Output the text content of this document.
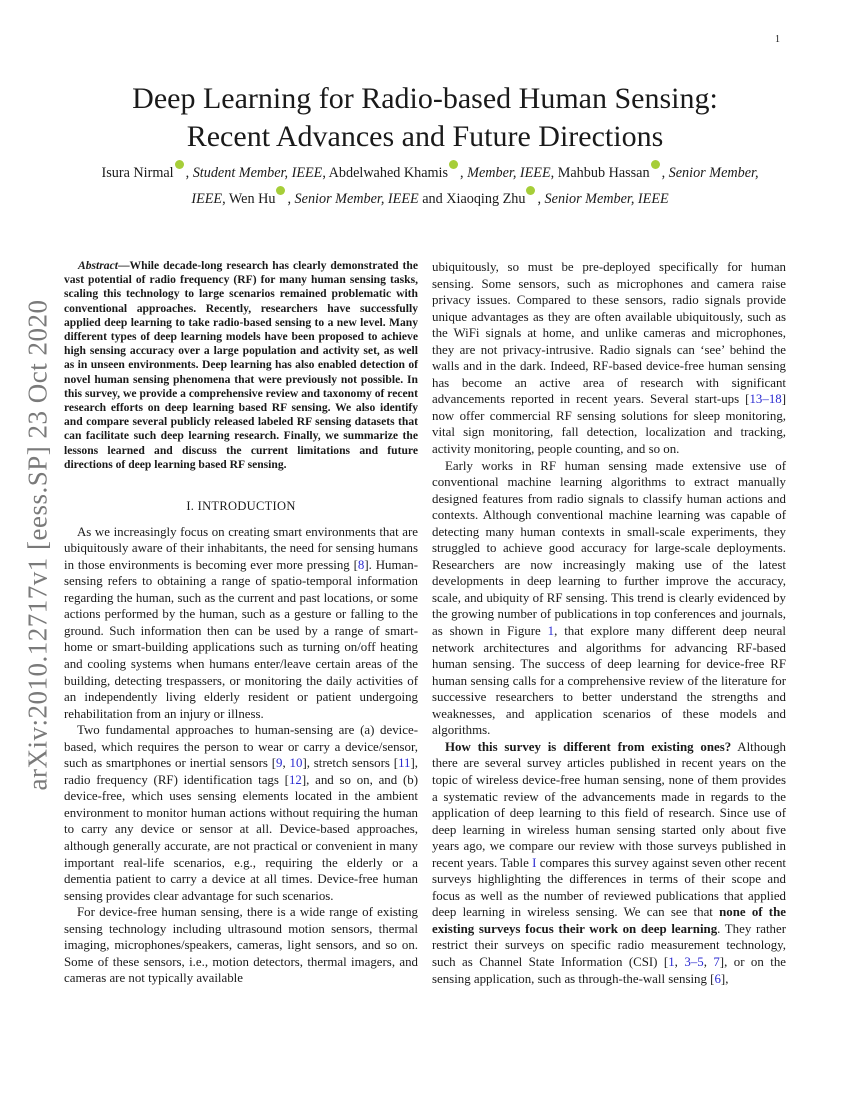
1
arXiv:2010.12717v1 [eess.SP] 23 Oct 2020
Deep Learning for Radio-based Human Sensing:
Recent Advances and Future Directions
Isura Nirmal , Student Member, IEEE, Abdelwahed Khamis , Member, IEEE, Mahbub Hassan , Senior Member, IEEE, Wen Hu , Senior Member, IEEE and Xiaoqing Zhu , Senior Member, IEEE

Abstract—While decade-long research has clearly demonstrated the vast potential of radio frequency (RF) for many human sensing tasks, scaling this technology to large scenarios remained problematic with conventional approaches. Recently, researchers have successfully applied deep learning to take radio-based sensing to a new level. Many different types of deep learning models have been proposed to achieve high sensing accuracy over a large population and activity set, as well as in unseen environments. Deep learning has also enabled detection of novel human sensing phenomena that were previously not possible. In this survey, we provide a comprehensive review and taxonomy of recent research efforts on deep learning based RF sensing. We also identify and compare several publicly released labeled RF sensing datasets that can facilitate such deep learning research. Finally, we summarize the lessons learned and discuss the current limitations and future directions of deep learning based RF sensing.

I. INTRODUCTION

As we increasingly focus on creating smart environments that are ubiquitously aware of their inhabitants, the need for sensing humans in those environments is becoming ever more pressing [8]. Human-sensing refers to obtaining a range of spatio-temporal information regarding the human, such as the current and past locations, or some actions performed by the human, such as a gesture or falling to the ground. Such information then can be used by a range of smart-home or smart-building applications such as turning on/off heating and cooling systems when humans enter/leave certain areas of the building, detecting trespassers, or monitoring the daily activities of an independently living elderly resident or patient undergoing rehabilitation from an injury or illness.

Two fundamental approaches to human-sensing are (a) device-based, which requires the person to wear or carry a device/sensor, such as smartphones or inertial sensors [9, 10], stretch sensors [11], radio frequency (RF) identification tags [12], and so on, and (b) device-free, which uses sensing elements located in the ambient environment to monitor human actions without requiring the human to carry any device or sensor at all. Device-based approaches, although generally accurate, are not practical or convenient in many important real-life scenarios, e.g., requiring the elderly or a dementia patient to carry a device at all times. Device-free human sensing provides clear advantage for such scenarios.

For device-free human sensing, there is a wide range of existing sensing technology including ultrasound motion sensors, thermal imaging, microphones/speakers, cameras, light sensors, and so on. Some of these sensors, i.e., motion detectors, thermal imagers, and cameras are not typically available

ubiquitously, so must be pre-deployed specifically for human sensing. Some sensors, such as microphones and camera raise privacy issues. Compared to these sensors, radio signals provide unique advantages as they are often available ubiquitously, such as the WiFi signals at home, and unlike cameras and microphones, they are not privacy-intrusive. Radio signals can ‘see’ behind the walls and in the dark. Indeed, RF-based device-free human sensing has become an active area of research with significant advancements reported in recent years. Several start-ups [13–18] now offer commercial RF sensing solutions for sleep monitoring, vital sign monitoring, fall detection, localization and tracking, activity monitoring, people counting, and so on.

Early works in RF human sensing made extensive use of conventional machine learning algorithms to extract manually designed features from radio signals to classify human actions and contexts. Although conventional machine learning was capable of detecting many human contexts in small-scale experiments, they struggled to achieve good accuracy for large-scale deployments. Researchers are now increasingly making use of the latest developments in deep learning to further improve the accuracy, scale, and ubiquity of RF sensing. This trend is clearly evidenced by the growing number of publications in top conferences and journals, as shown in Figure 1, that explore many different deep neural network architectures and algorithms for advancing RF-based human sensing. The success of deep learning for device-free RF human sensing calls for a comprehensive review of the literature for successive researchers to better understand the strengths and weaknesses, and application scenarios of these models and algorithms.

How this survey is different from existing ones? Although there are several survey articles published in recent years on the topic of wireless device-free human sensing, none of them provides a systematic review of the advancements made in regards to the application of deep learning to this field of research. Since use of deep learning in wireless human sensing started only about five years ago, we compare our review with those surveys published in recent years. Table I compares this survey against seven other recent surveys highlighting the differences in terms of their scope and focus as well as the number of reviewed publications that applied deep learning in wireless sensing. We can see that none of the existing surveys focus their work on deep learning. They rather restrict their surveys on specific radio measurement technology, such as Channel State Information (CSI) [1, 3–5, 7], or on the sensing application, such as through-the-wall sensing [6],
